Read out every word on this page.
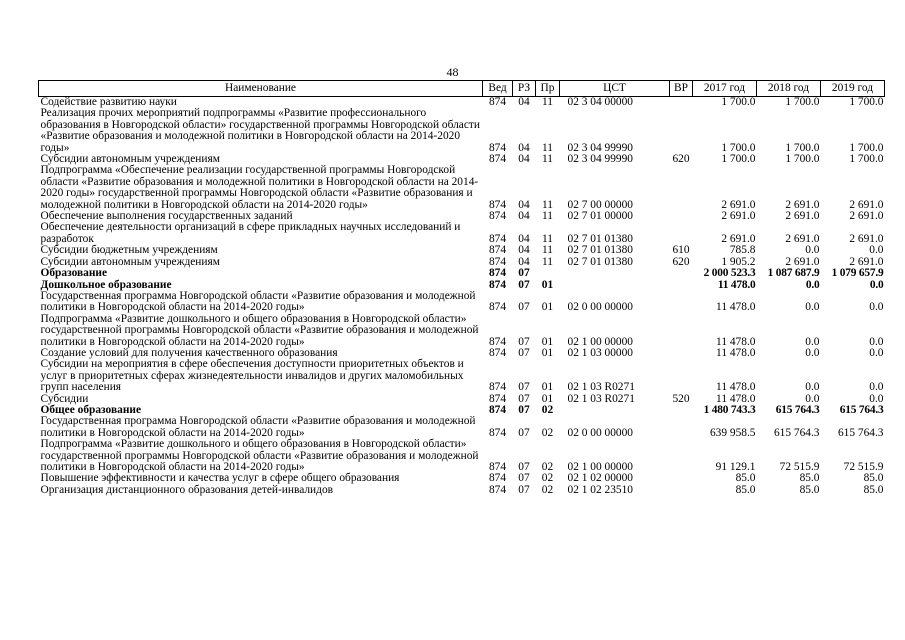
48
Наименование	Вед	РЗ	Пр	ЦСТ	ВР	2017 год	2018 год	2019 год
Содействие развитию науки	874	04	11	02 3 04 00000		1 700.0	1 700.0	1 700.0
Реализация прочих мероприятий подпрограммы «Развитие профессионального образования в Новгородской области» государственной программы Новгородской области «Развитие образования и молодежной политики в Новгородской области на 2014-2020 годы»	874	04	11	02 3 04 99990		1 700.0	1 700.0	1 700.0
Субсидии автономным учреждениям	874	04	11	02 3 04 99990	620	1 700.0	1 700.0	1 700.0
Подпрограмма «Обеспечение реализации государственной программы Новгородской области «Развитие образования и молодежной политики в Новгородской области на 2014-2020 годы» государственной программы Новгородской области «Развитие образования и молодежной политики в Новгородской области на 2014-2020 годы»	874	04	11	02 7 00 00000		2 691.0	2 691.0	2 691.0
Обеспечение выполнения государственных заданий	874	04	11	02 7 01 00000		2 691.0	2 691.0	2 691.0
Обеспечение деятельности организаций в сфере прикладных научных исследований и разработок	874	04	11	02 7 01 01380		2 691.0	2 691.0	2 691.0
Субсидии бюджетным учреждениям	874	04	11	02 7 01 01380	610	785.8	0.0	0.0
Субсидии автономным учреждениям	874	04	11	02 7 01 01380	620	1 905.2	2 691.0	2 691.0
Образование	874	07				2 000 523.3	1 087 687.9	1 079 657.9
Дошкольное образование	874	07	01			11 478.0	0.0	0.0
Государственная программа Новгородской области «Развитие образования и молодежной политики в Новгородской области на 2014-2020 годы»	874	07	01	02 0 00 00000		11 478.0	0.0	0.0
Подпрограмма «Развитие дошкольного и общего образования в Новгородской области» государственной программы Новгородской области «Развитие образования и молодежной политики в Новгородской области на 2014-2020 годы»	874	07	01	02 1 00 00000		11 478.0	0.0	0.0
Создание условий для получения качественного образования	874	07	01	02 1 03 00000		11 478.0	0.0	0.0
Субсидии на мероприятия в сфере обеспечения доступности приоритетных объектов и услуг в приоритетных сферах жизнедеятельности инвалидов и других маломобильных групп населения	874	07	01	02 1 03 R0271		11 478.0	0.0	0.0
Субсидии	874	07	01	02 1 03 R0271	520	11 478.0	0.0	0.0
Общее образование	874	07	02			1 480 743.3	615 764.3	615 764.3
Государственная программа Новгородской области «Развитие образования и молодежной политики в Новгородской области на 2014-2020 годы»	874	07	02	02 0 00 00000		639 958.5	615 764.3	615 764.3
Подпрограмма «Развитие дошкольного и общего образования в Новгородской области» государственной программы Новгородской области «Развитие образования и молодежной политики в Новгородской области на 2014-2020 годы»	874	07	02	02 1 00 00000		91 129.1	72 515.9	72 515.9
Повышение эффективности и качества услуг в сфере общего образования	874	07	02	02 1 02 00000		85.0	85.0	85.0
Организация дистанционного образования детей-инвалидов	874	07	02	02 1 02 23510		85.0	85.0	85.0
